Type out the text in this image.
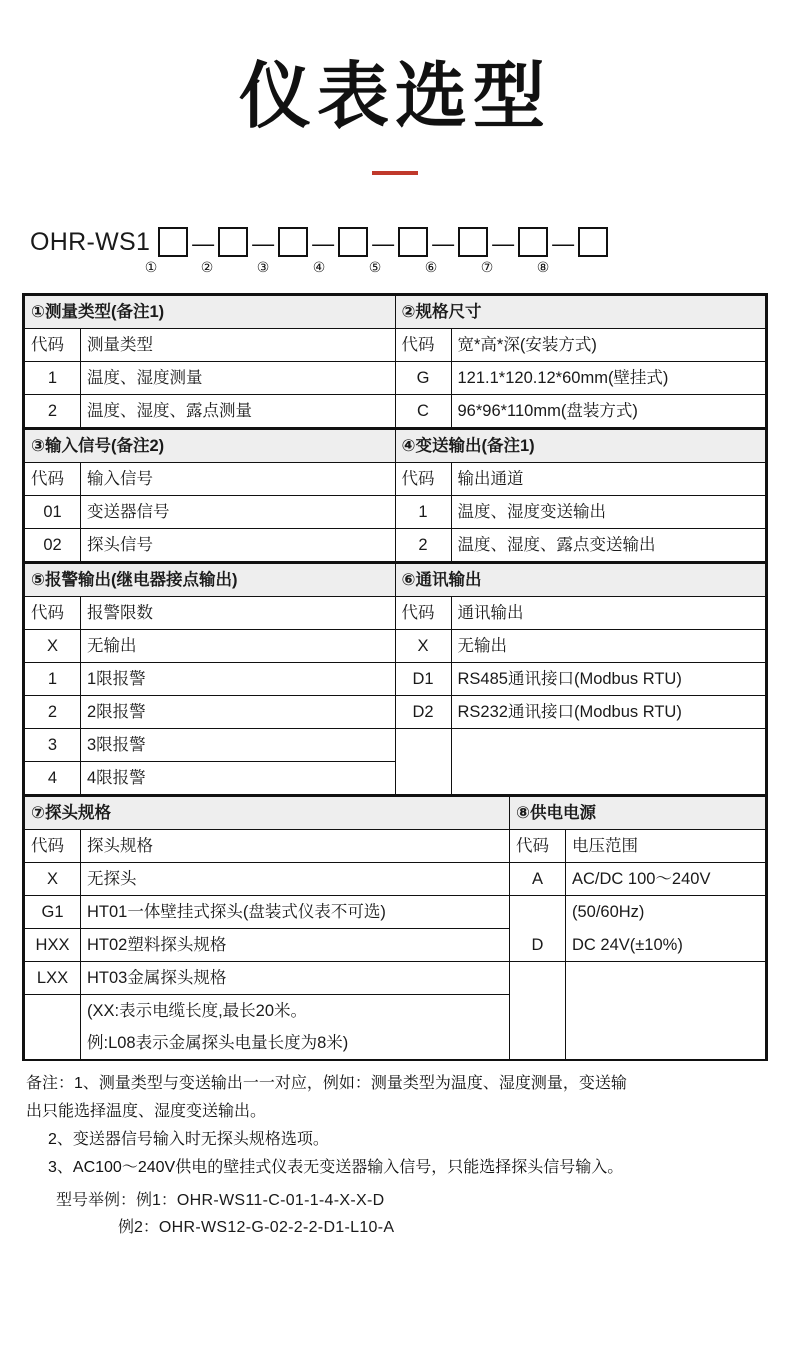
仪表选型
OHR-WS1 — — — — — — —
①	②	③	④	⑤	⑥	⑦	⑧
①测量类型(备注1)		②规格尺寸	
代码	测量类型	代码	宽*高*深(安装方式)
1	温度、湿度测量	G	121.1*120.12*60mm(壁挂式)
2	温度、湿度、露点测量	C	96*96*110mm(盘装方式)
③输入信号(备注2)		④变送输出(备注1)	
代码	输入信号	代码	输出通道
01	变送器信号	1	温度、湿度变送输出
02	探头信号	2	温度、湿度、露点变送输出
⑤报警输出(继电器接点输出)		⑥通讯输出	
代码	报警限数	代码	通讯输出
X	无输出	X	无输出
1	1限报警	D1	RS485通讯接口(Modbus RTU)
2	2限报警	D2	RS232通讯接口(Modbus RTU)
3	3限报警		
4	4限报警		
⑦探头规格		⑧供电电源	
代码	探头规格	代码	电压范围
X	无探头	A	AC/DC 100～240V
G1	HT01一体壁挂式探头(盘装式仪表不可选)		(50/60Hz)
HXX	HT02塑料探头规格	D	DC 24V(±10%)
LXX	HT03金属探头规格		
	(XX:表示电缆长度,最长20米。		
	例:L08表示金属探头电量长度为8米)		

备注：1、测量类型与变送输出一一对应，例如：测量类型为温度、湿度测量，变送输

出只能选择温度、湿度变送输出。

2、变送器信号输入时无探头规格选项。

3、AC100～240V供电的壁挂式仪表无变送器输入信号，只能选择探头信号输入。

型号举例：例1：OHR-WS11-C-01-1-4-X-X-D
例2：OHR-WS12-G-02-2-2-D1-L10-A
